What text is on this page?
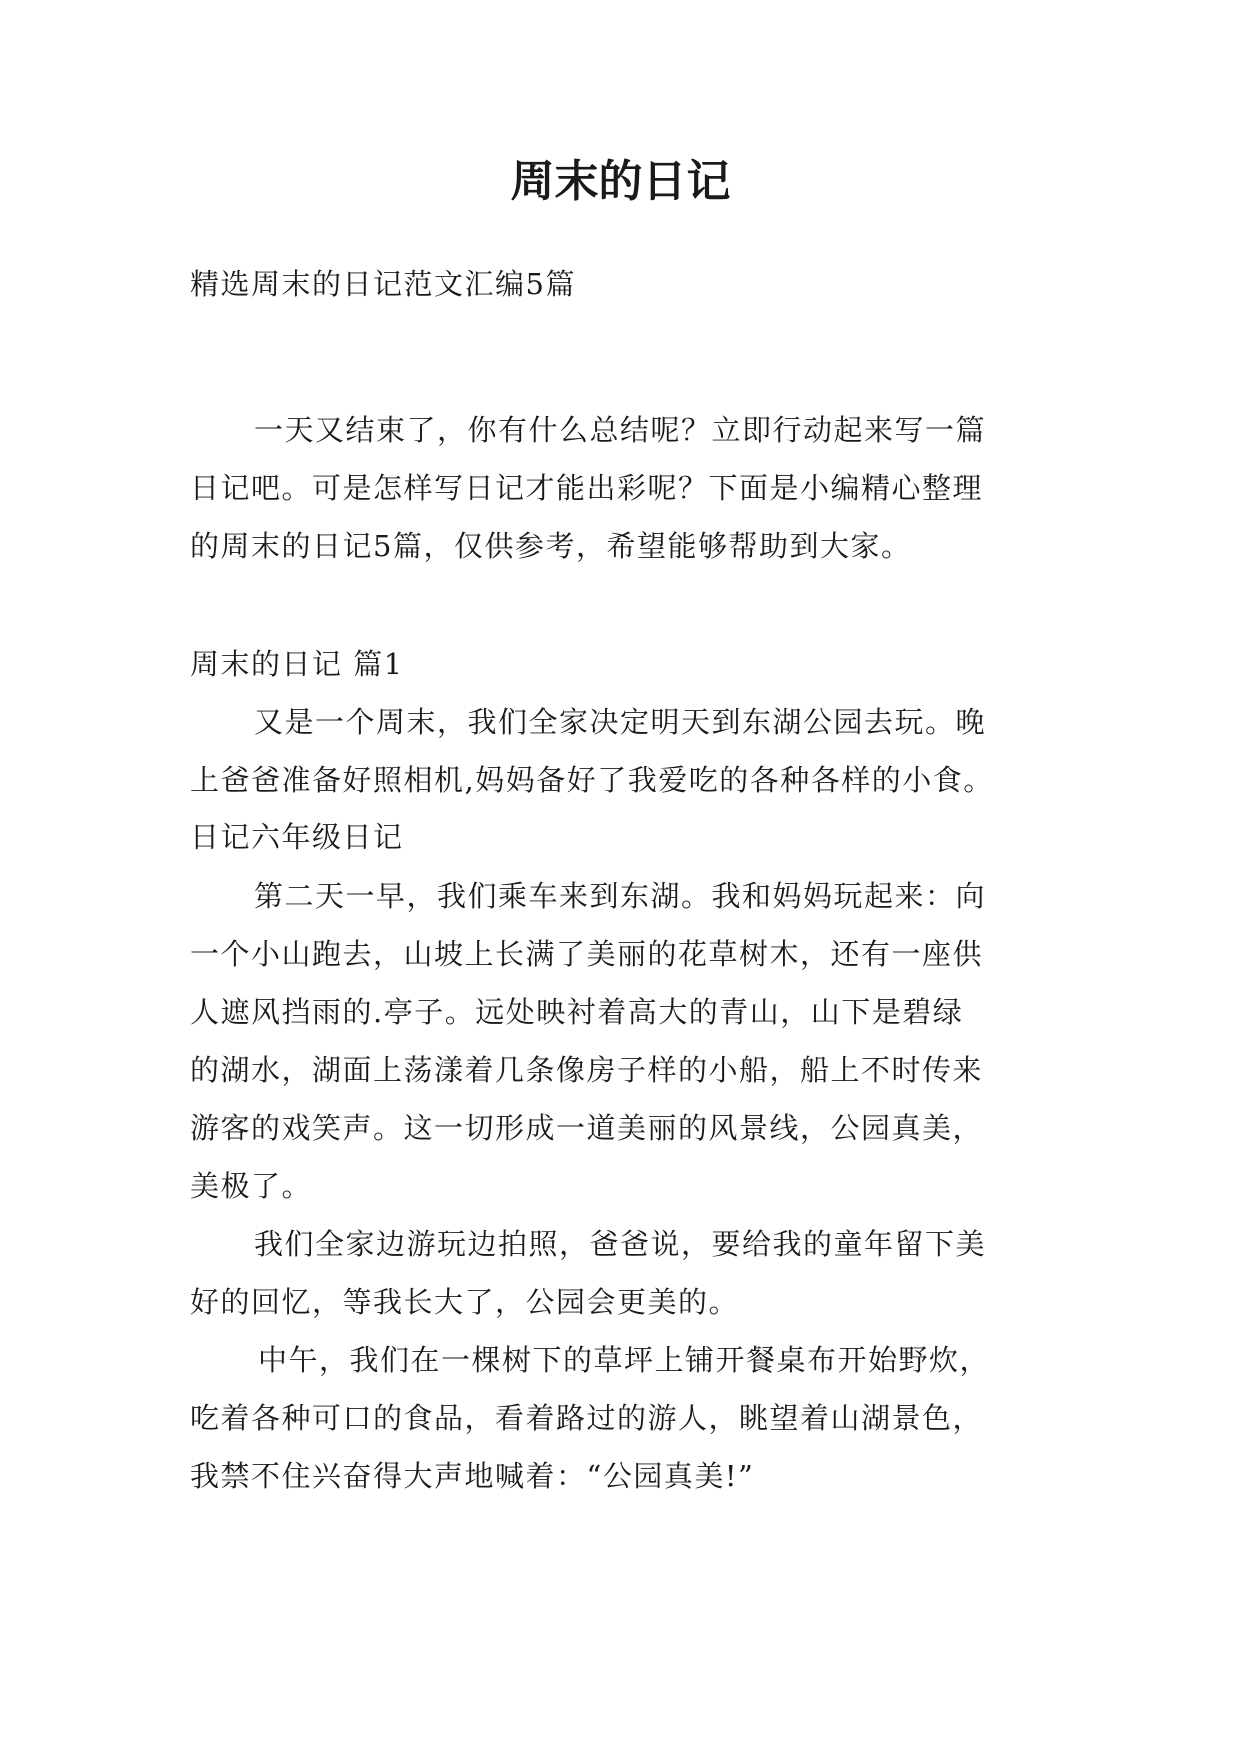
周末的日记

精选周末的日记范文汇编5篇

一天又结束了，你有什么总结呢？立即行动起来写一篇

日记吧。可是怎样写日记才能出彩呢？下面是小编精心整理

的周末的日记5篇，仅供参考，希望能够帮助到大家。

周末的日记 篇1

又是一个周末，我们全家决定明天到东湖公园去玩。晚

上爸爸准备好照相机,妈妈备好了我爱吃的各种各样的小食。

日记六年级日记

第二天一早，我们乘车来到东湖。我和妈妈玩起来：向

一个小山跑去，山坡上长满了美丽的花草树木，还有一座供

人遮风挡雨的.亭子。远处映衬着高大的青山，山下是碧绿

的湖水，湖面上荡漾着几条像房子样的小船，船上不时传来

游客的戏笑声。这一切形成一道美丽的风景线，公园真美，

美极了。

我们全家边游玩边拍照，爸爸说，要给我的童年留下美

好的回忆，等我长大了，公园会更美的。

中午，我们在一棵树下的草坪上铺开餐桌布开始野炊，

吃着各种可口的食品，看着路过的游人，眺望着山湖景色，

我禁不住兴奋得大声地喊着：“公园真美!”
